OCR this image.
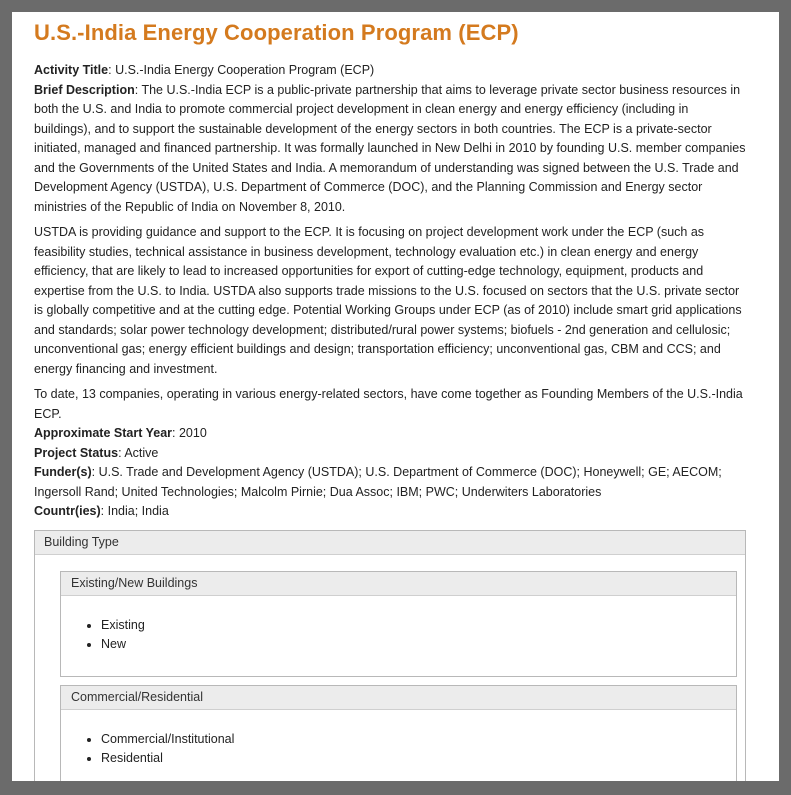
U.S.-India Energy Cooperation Program (ECP)

Activity Title: U.S.-India Energy Cooperation Program (ECP)

Brief Description: The U.S.-India ECP is a public-private partnership that aims to leverage private sector business resources in both the U.S. and India to promote commercial project development in clean energy and energy efficiency (including in buildings), and to support the sustainable development of the energy sectors in both countries. The ECP is a private-sector initiated, managed and financed partnership. It was formally launched in New Delhi in 2010 by founding U.S. member companies and the Governments of the United States and India. A memorandum of understanding was signed between the U.S. Trade and Development Agency (USTDA), U.S. Department of Commerce (DOC), and the Planning Commission and Energy sector ministries of the Republic of India on November 8, 2010.

USTDA is providing guidance and support to the ECP. It is focusing on project development work under the ECP (such as feasibility studies, technical assistance in business development, technology evaluation etc.) in clean energy and energy efficiency, that are likely to lead to increased opportunities for export of cutting-edge technology, equipment, products and expertise from the U.S. to India. USTDA also supports trade missions to the U.S. focused on sectors that the U.S. private sector is globally competitive and at the cutting edge. Potential Working Groups under ECP (as of 2010) include smart grid applications and standards; solar power technology development; distributed/rural power systems; biofuels - 2nd generation and cellulosic; unconventional gas; energy efficient buildings and design; transportation efficiency; unconventional gas, CBM and CCS; and energy financing and investment.

To date, 13 companies, operating in various energy-related sectors, have come together as Founding Members of the U.S.-India ECP.

Approximate Start Year: 2010

Project Status: Active

Funder(s): U.S. Trade and Development Agency (USTDA); U.S. Department of Commerce (DOC); Honeywell; GE; AECOM; Ingersoll Rand; United Technologies; Malcolm Pirnie; Dua Assoc; IBM; PWC; Underwiters Laboratories

Countr(ies): India; India

Building Type
Existing/New Buildings
• Existing
• New
Commercial/Residential
• Commercial/Institutional
• Residential
